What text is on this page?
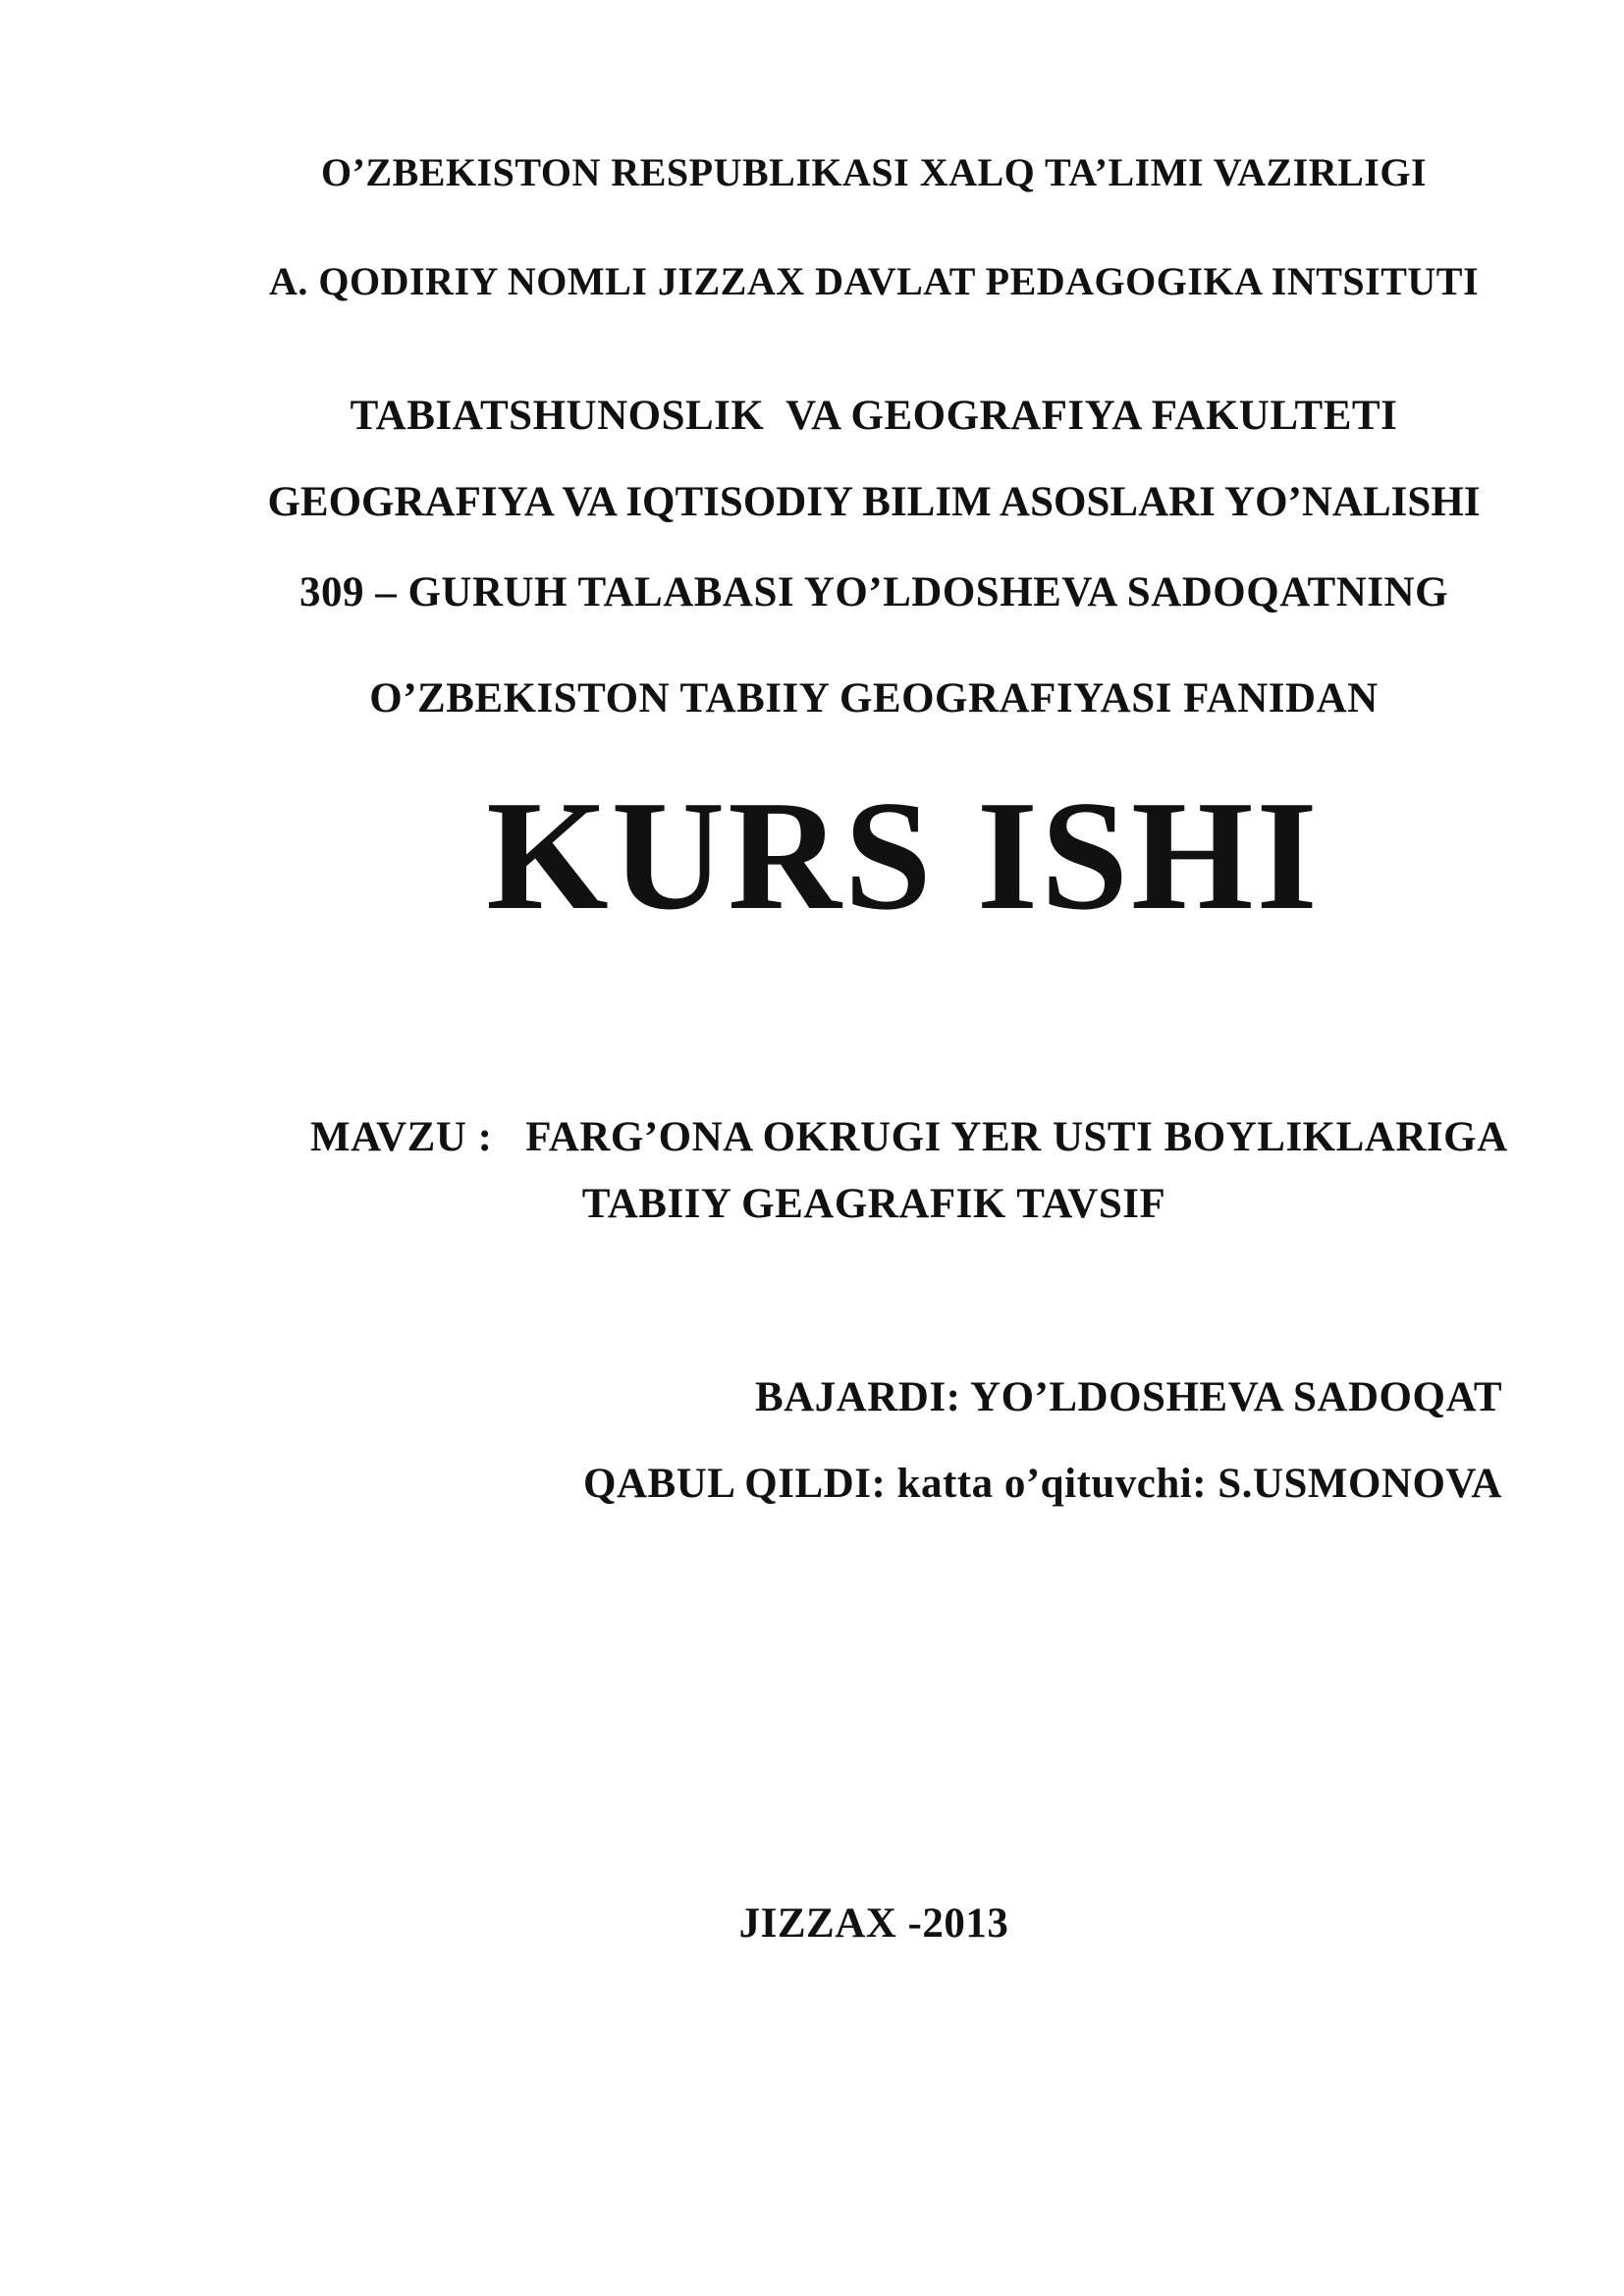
O’ZBEKISTON RESPUBLIKASI XALQ TA’LIMI VAZIRLIGI
A. QODIRIY NOMLI JIZZAX DAVLAT PEDAGOGIKA INTSITUTI
TABIATSHUNOSLIK  VA GEOGRAFIYA FAKULTETI
GEOGRAFIYA VA IQTISODIY BILIM ASOSLARI YO’NALISHI
309 – GURUH TALABASI YO’LDOSHEVA SADOQATNING
O’ZBEKISTON TABIIY GEOGRAFIYASI FANIDAN
KURS ISHI
MAVZU :   FARG’ONA OKRUGI YER USTI BOYLIKLARIGA
TABIIY GEAGRAFIK TAVSIF
BAJARDI: YO’LDOSHEVA SADOQAT
QABUL QILDI: katta o’qituvchi: S.USMONOVA
JIZZAX -2013
